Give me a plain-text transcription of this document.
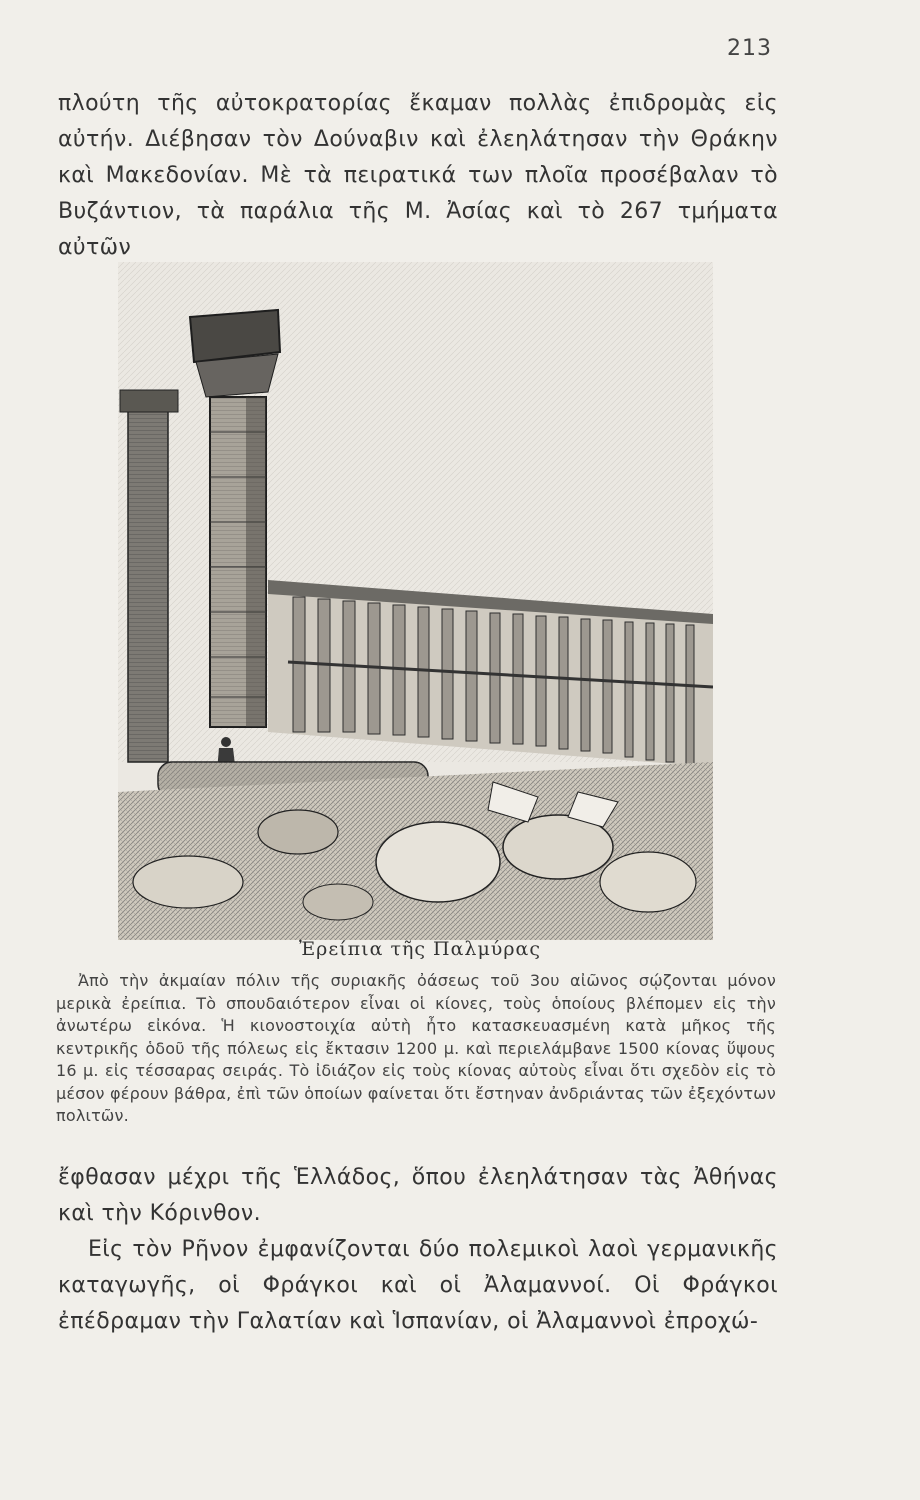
213

πλούτη τῆς αὐτοκρατορίας ἔκαμαν πολλὰς ἐπιδρομὰς εἰς αὐτήν. Διέβησαν τὸν Δούναβιν καὶ ἐλεηλάτησαν τὴν Θράκην καὶ Μακεδονίαν. Μὲ τὰ πειρατικά των πλοῖα προσέβαλαν τὸ Βυζάντιον, τὰ παράλια τῆς Μ. Ἀσίας καὶ τὸ 267 τμήματα αὐτῶν

Ἐρείπια τῆς Παλμύρας

Ἀπὸ τὴν ἀκμαίαν πόλιν τῆς συριακῆς ὀάσεως τοῦ 3ου αἰῶνος σῴζονται μόνον μερικὰ ἐρείπια. Τὸ σπουδαιότερον εἶναι οἱ κίονες, τοὺς ὁποίους βλέπομεν εἰς τὴν ἀνωτέρω εἰκόνα. Ἡ κιονοστοιχία αὐτὴ ἦτο κατασκευασμένη κατὰ μῆκος τῆς κεντρικῆς ὁδοῦ τῆς πόλεως εἰς ἔκτασιν 1200 μ. καὶ περιελάμβανε 1500 κίονας ὕψους 16 μ. εἰς τέσσαρας σειράς. Τὸ ἰδιάζον εἰς τοὺς κίονας αὐτοὺς εἶναι ὅτι σχεδὸν εἰς τὸ μέσον φέρουν βάθρα, ἐπὶ τῶν ὁποίων φαίνεται ὅτι ἔστηναν ἀνδριάντας τῶν ἐξεχόντων πολιτῶν.

ἔφθασαν μέχρι τῆς Ἑλλάδος, ὅπου ἐλεηλάτησαν τὰς Ἀθήνας καὶ τὴν Κόρινθον.

Εἰς τὸν Ρῆνον ἐμφανίζονται δύο πολεμικοὶ λαοὶ γερμανικῆς καταγωγῆς, οἱ Φράγκοι καὶ οἱ Ἀλαμαννοί. Οἱ Φράγκοι ἐπέδραμαν τὴν Γαλατίαν καὶ Ἱσπανίαν, οἱ Ἀλαμαννοὶ ἐπροχώ-
